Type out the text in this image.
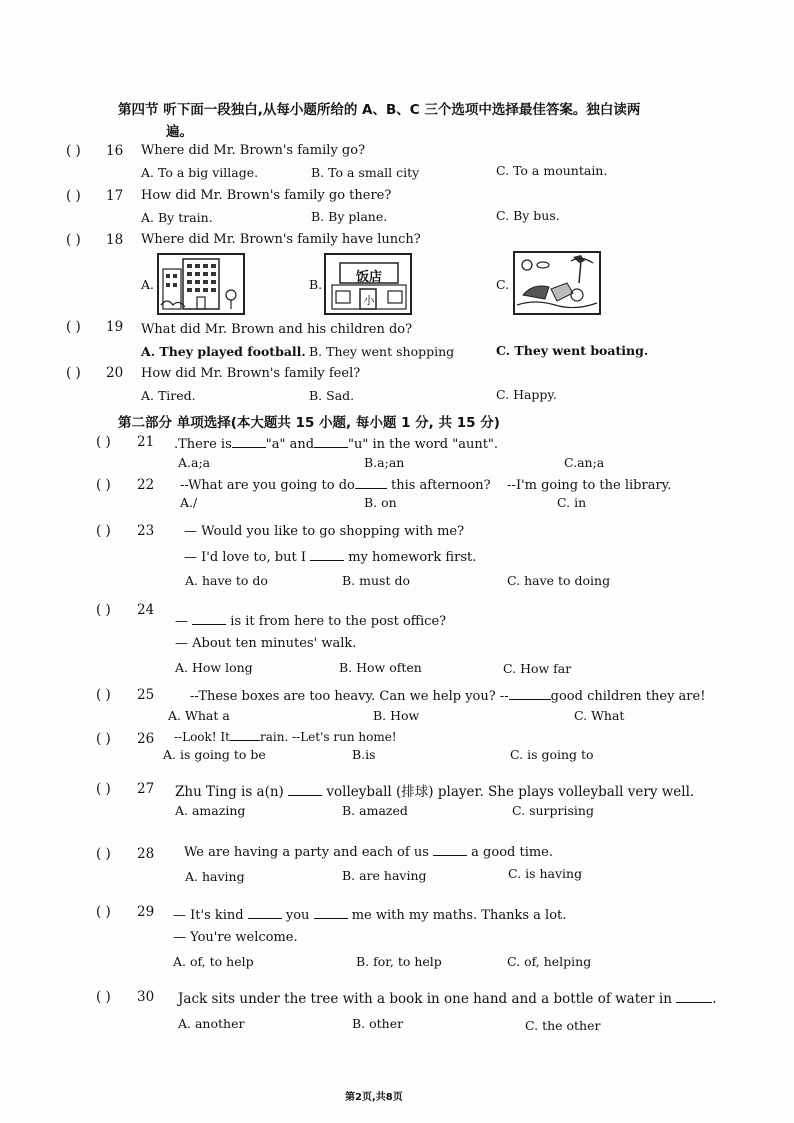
第四节 听下面一段独白,从每小题所给的 A、B、C 三个选项中选择最佳答案。独白读两
遍。
( ) 16 Where did Mr. Brown's family go?
A. To a big village.	B. To a small city	C. To a mountain.
( ) 17 How did Mr. Brown's family go there?
A. By train.	B. By plane.	C. By bus.
( ) 18 Where did Mr. Brown's family have lunch?
A.	B.	饭店
小
C.
( ) 19 What did Mr. Brown and his children do?
A. They played football. B. They went shopping	C. They went boating.
( ) 20 How did Mr. Brown's family feel?
A. Tired.	B. Sad.	C. Happy.
第二部分 单项选择(本大题共 15 小题, 每小题 1 分, 共 15 分)
( ) 21 .There is	"a" and	"u" in the word "aunt".
A.a;a	B.a;an	C.an;a
( ) 22 --What are you going to do	this afternoon? --I'm going to the library.
A./	B. on	C. in
( ) 23 — Would you like to go shopping with me?
— I'd love to, but I	my homework first.
A. have to do	B. must do	C. have to doing
( ) 24
—	is it from here to the post office?
— About ten minutes' walk.
A. How long	B. How often	C. How far
( ) 25	--These boxes are too heavy. Can we help you? --	good children they are!
A. What a	B. How	C. What
( ) 26 --Look! It	rain. --Let's run home!
A. is going to be	B.is	C. is going to
( ) 27 Zhu Ting is a(n)	volleyball (排球) player. She plays volleyball very well.
A. amazing	B. amazed	C. surprising
( ) 28 We are having a party and each of us	a good time.
A. having	B. are having	C. is having
( ) 29 — It's kind	you	me with my maths. Thanks a lot.
— You're welcome.
A. of, to help	B. for, to help	C. of, helping
( ) 30 Jack sits under the tree with a book in one hand and a bottle of water in	.
A. another	B. other	C. the other
第2页,共8页
